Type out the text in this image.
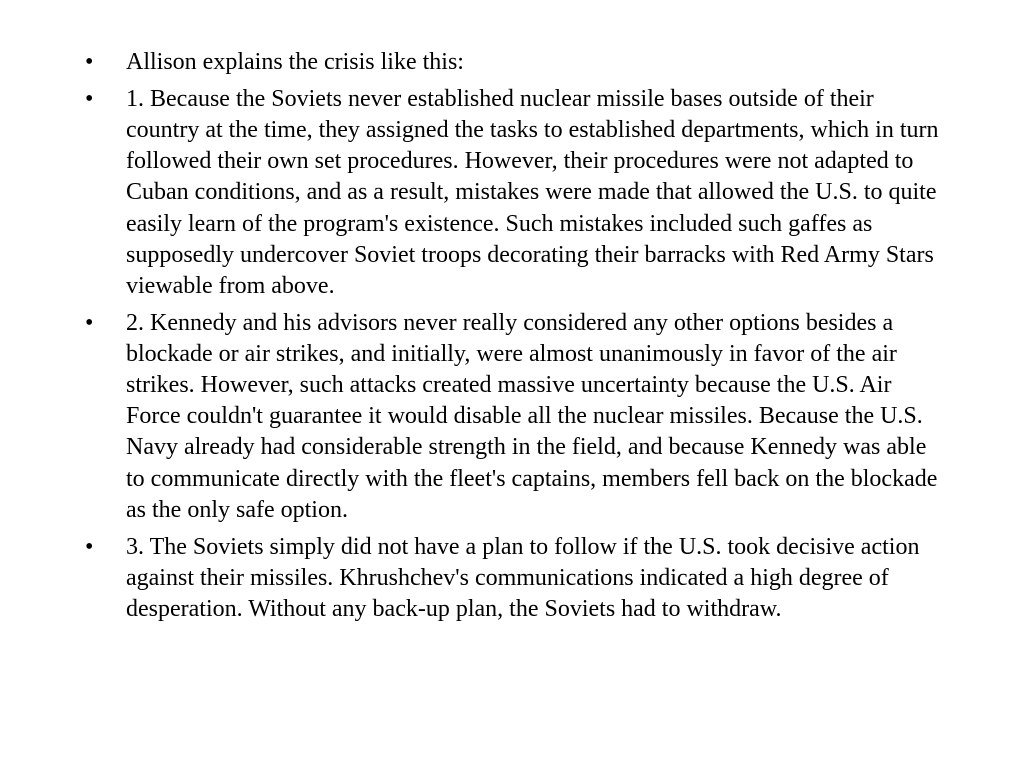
•	Allison explains the crisis like this:
•	1. Because the Soviets never established nuclear missile bases outside of their country at the time, they assigned the tasks to established departments, which in turn followed their own set procedures. However, their procedures were not adapted to Cuban conditions, and as a result, mistakes were made that allowed the U.S. to quite easily learn of the program's existence. Such mistakes included such gaffes as supposedly undercover Soviet troops decorating their barracks with Red Army Stars viewable from above.
•	2. Kennedy and his advisors never really considered any other options besides a blockade or air strikes, and initially, were almost unanimously in favor of the air strikes. However, such attacks created massive uncertainty because the U.S. Air Force couldn't guarantee it would disable all the nuclear missiles. Because the U.S. Navy already had considerable strength in the field, and because Kennedy was able to communicate directly with the fleet's captains, members fell back on the blockade as the only safe option.
•	3. The Soviets simply did not have a plan to follow if the U.S. took decisive action against their missiles. Khrushchev's communications indicated a high degree of desperation. Without any back-up plan, the Soviets had to withdraw.
